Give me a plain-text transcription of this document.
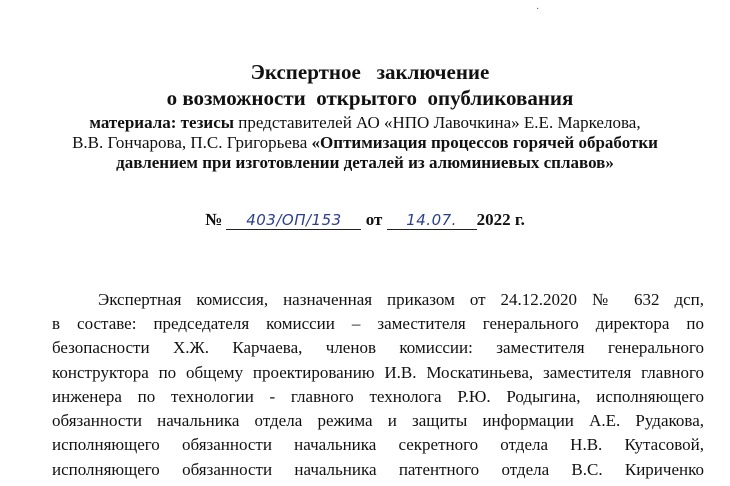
·
Экспертное   заключение
о возможности  открытого  опубликования
материала: тезисы представителей АО «НПО Лавочкина» Е.Е. Маркелова,
В.В. Гончарова, П.С. Григорьева «Оптимизация процессов горячей обработки
давлением при изготовлении деталей из алюминиевых сплавов»
№ 403/ОП/153 от 14.07. 2022 г.
Экспертная комиссия, назначенная приказом от 24.12.2020 № 632 дсп,
в составе: председателя комиссии – заместителя генерального директора по
безопасности Х.Ж. Карчаева, членов комиссии: заместителя генерального
конструктора по общему проектированию И.В. Москатиньева, заместителя главного
инженера по технологии - главного технолога Р.Ю. Родыгина, исполняющего
обязанности начальника отдела режима и защиты информации А.Е. Рудакова,
исполняющего обязанности начальника секретного отдела Н.В. Кутасовой,
исполняющего обязанности начальника патентного отдела В.С. Кириченко
